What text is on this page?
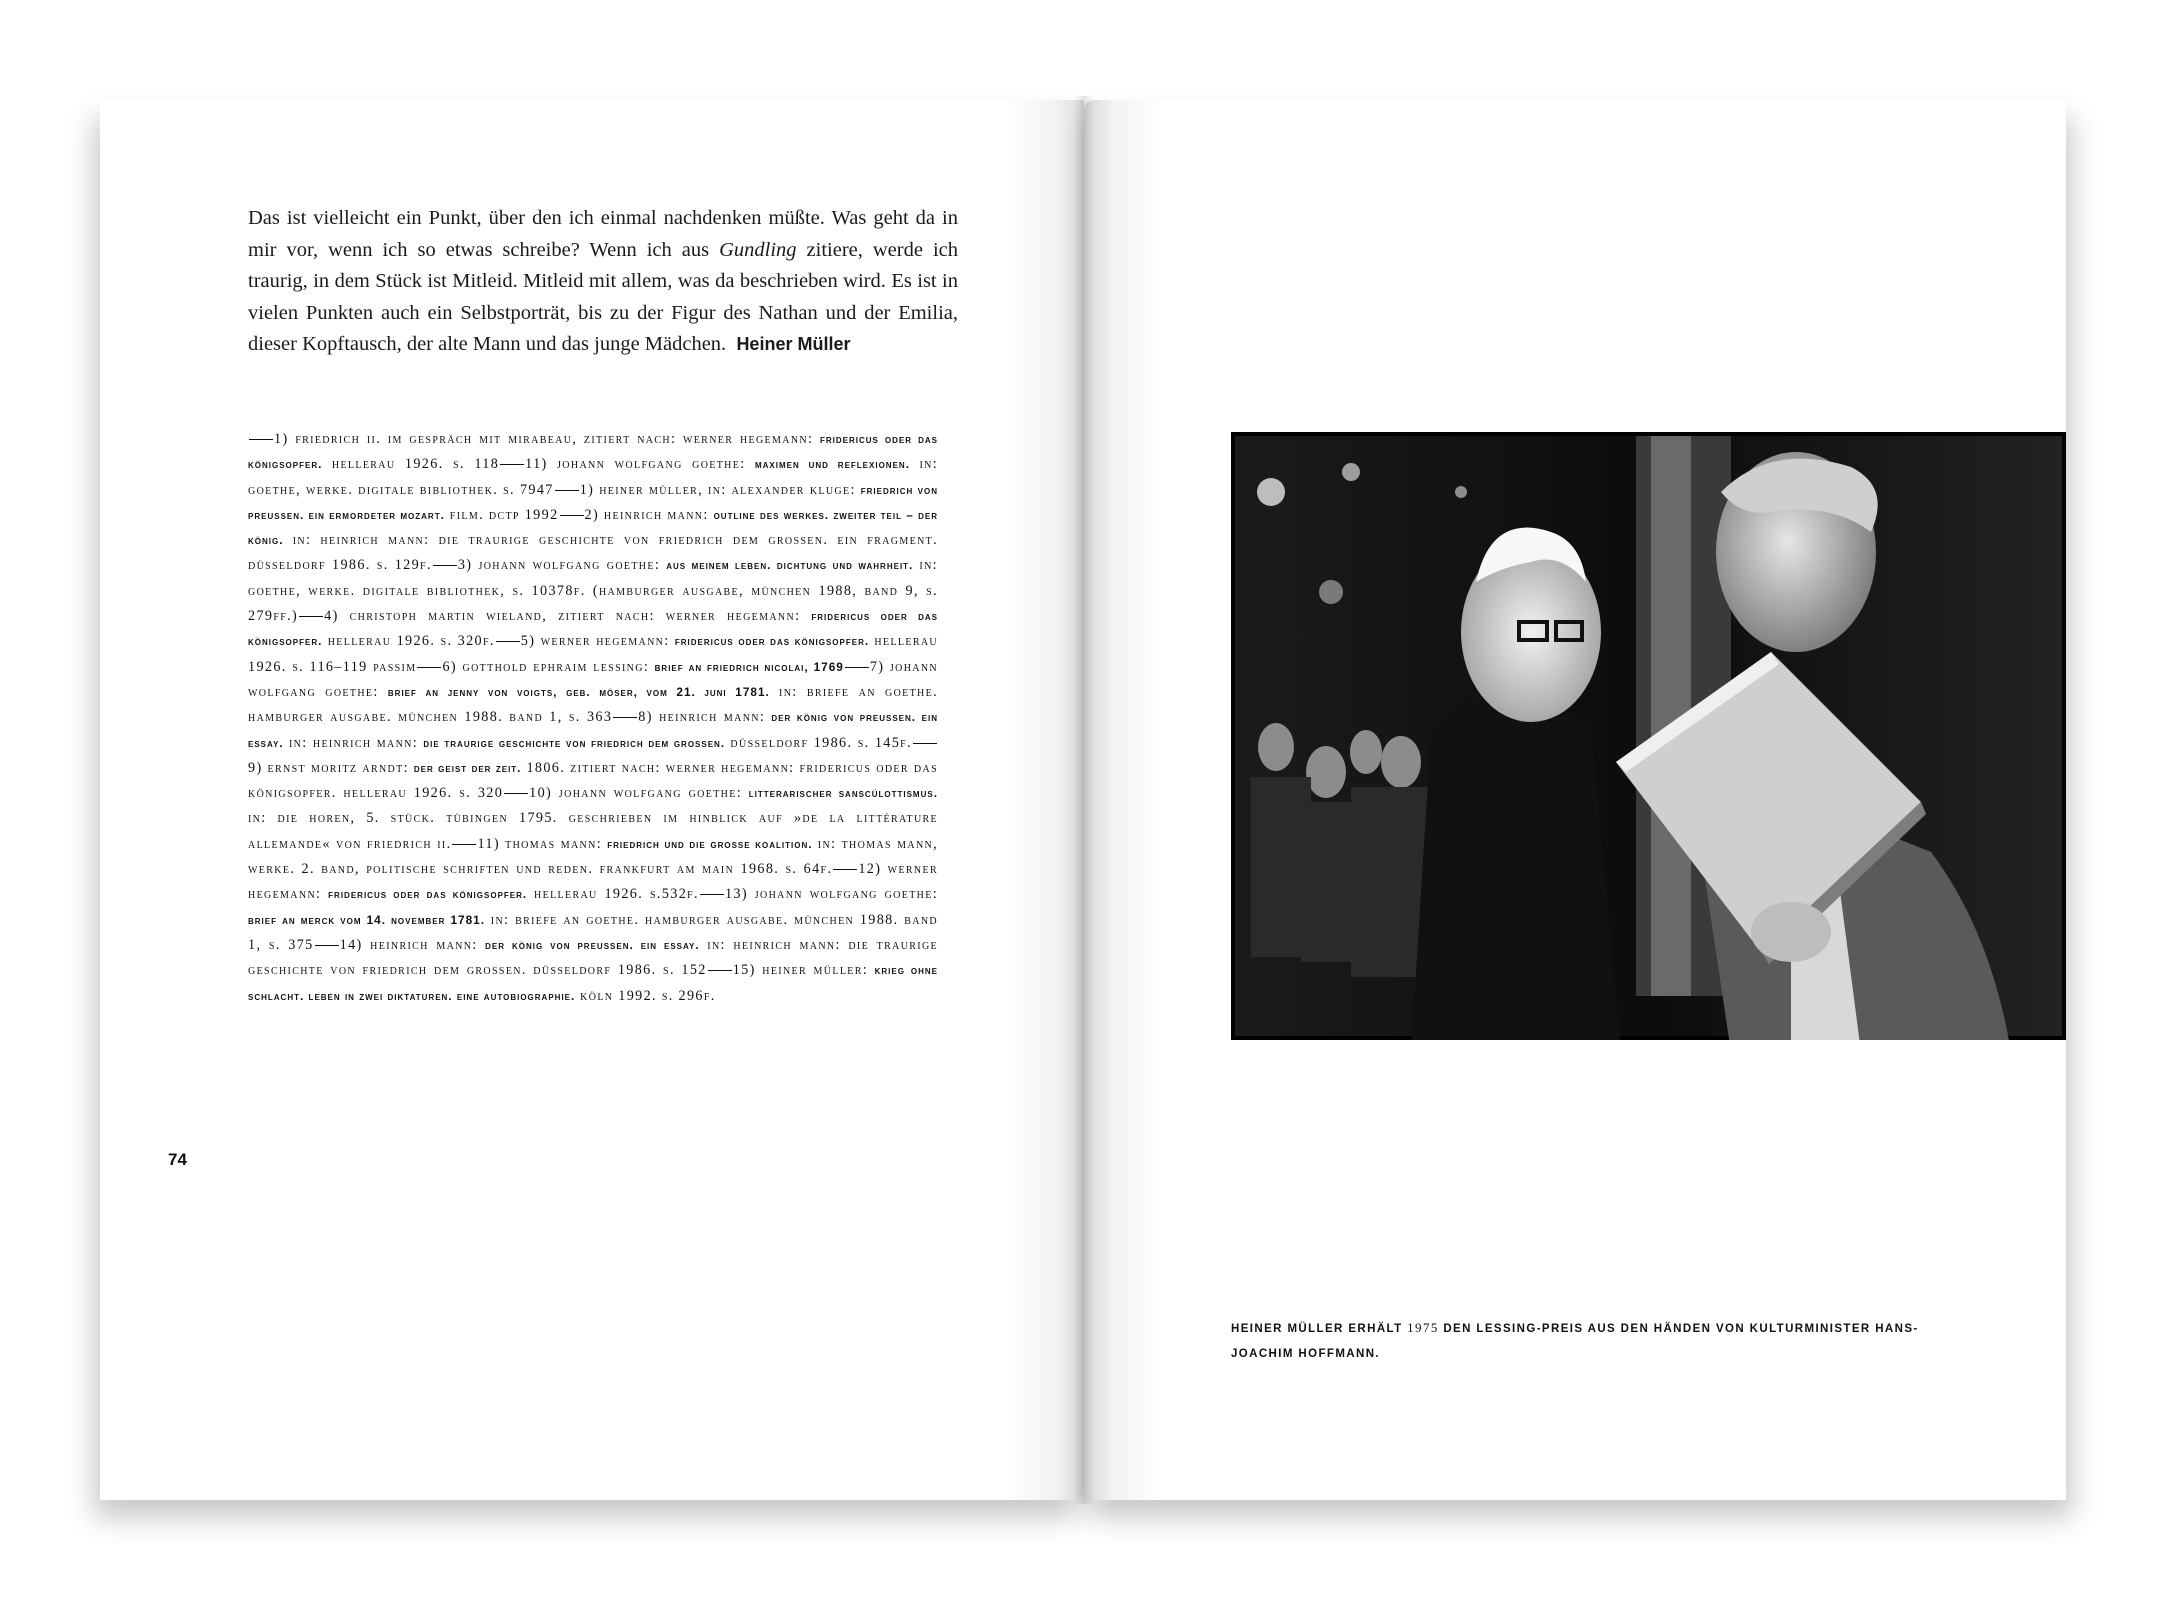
Das ist vielleicht ein Punkt, über den ich einmal nachdenken müßte. Was geht da in mir vor, wenn ich so etwas schreibe? Wenn ich aus Gundling zitiere, werde ich traurig, in dem Stück ist Mitleid. Mitleid mit allem, was da beschrieben wird. Es ist in vielen Punkten auch ein Selbstporträt, bis zu der Figur des Nathan und der Emilia, dieser Kopftausch, der alte Mann und das junge Mädchen. Heiner Müller
1) friedrich ii. im gespräch mit mirabeau, zitiert nach: werner hegemann: fridericus oder das königsopfer. hellerau 1926. s. 118 11) johann wolfgang goethe: maximen und reflexionen. in: goethe, werke. digitale bibliothek. s. 7947 1) heiner müller, in: alexander kluge: friedrich von preussen. ein ermordeter mozart. film. dctp 1992 2) heinrich mann: outline des werkes. zweiter teil – der könig. in: heinrich mann: die traurige geschichte von friedrich dem grossen. ein fragment. düsseldorf 1986. s. 129f. 3) johann wolfgang goethe: aus meinem leben. dichtung und wahrheit. in: goethe, werke. digitale bibliothek, s. 10378f. (hamburger ausgabe, münchen 1988, band 9, s. 279ff.) 4) christoph martin wieland, zitiert nach: werner hegemann: fridericus oder das königsopfer. hellerau 1926. s. 320f. 5) werner hegemann: fridericus oder das königsopfer. hellerau 1926. s. 116–119 passim 6) gotthold ephraim lessing: brief an friedrich nicolai, 1769 7) johann wolfgang goethe: brief an jenny von voigts, geb. möser, vom 21. juni 1781. in: briefe an goethe. hamburger ausgabe. münchen 1988. band 1, s. 363 8) heinrich mann: der könig von preussen. ein essay. in: heinrich mann: die traurige geschichte von friedrich dem grossen. düsseldorf 1986. s. 145f.9) ernst moritz arndt: der geist der zeit. 1806. zitiert nach: werner hegemann: fridericus oder das königsopfer. hellerau 1926. s. 320 10) johann wolfgang goethe: litterarischer sanscülottismus. in: die horen, 5. stück. tübingen 1795. geschrieben im hinblick auf »de la littérature allemande« von friedrich ii. 11) thomas mann: friedrich und die grosse koalition. in: thomas mann, werke. 2. band, politische schriften und reden. frankfurt am main 1968. s. 64f. 12) werner hegemann: fridericus oder das königsopfer. hellerau 1926. s.532f. 13) johann wolfgang goethe: brief an merck vom 14. november 1781. in: briefe an goethe. hamburger ausgabe. münchen 1988. band 1, s. 375 14) heinrich mann: der könig von preussen. ein essay. in: heinrich mann: die traurige geschichte von friedrich dem grossen. düsseldorf 1986. s. 152 15) heiner müller: krieg ohne schlacht. leben in zwei diktaturen. eine autobiographie. köln 1992. s. 296f.
74
HEINER MÜLLER ERHÄLT 1975 DEN LESSING-PREIS AUS DEN HÄNDEN VON KULTURMINISTER HANS-JOACHIM HOFFMANN.
